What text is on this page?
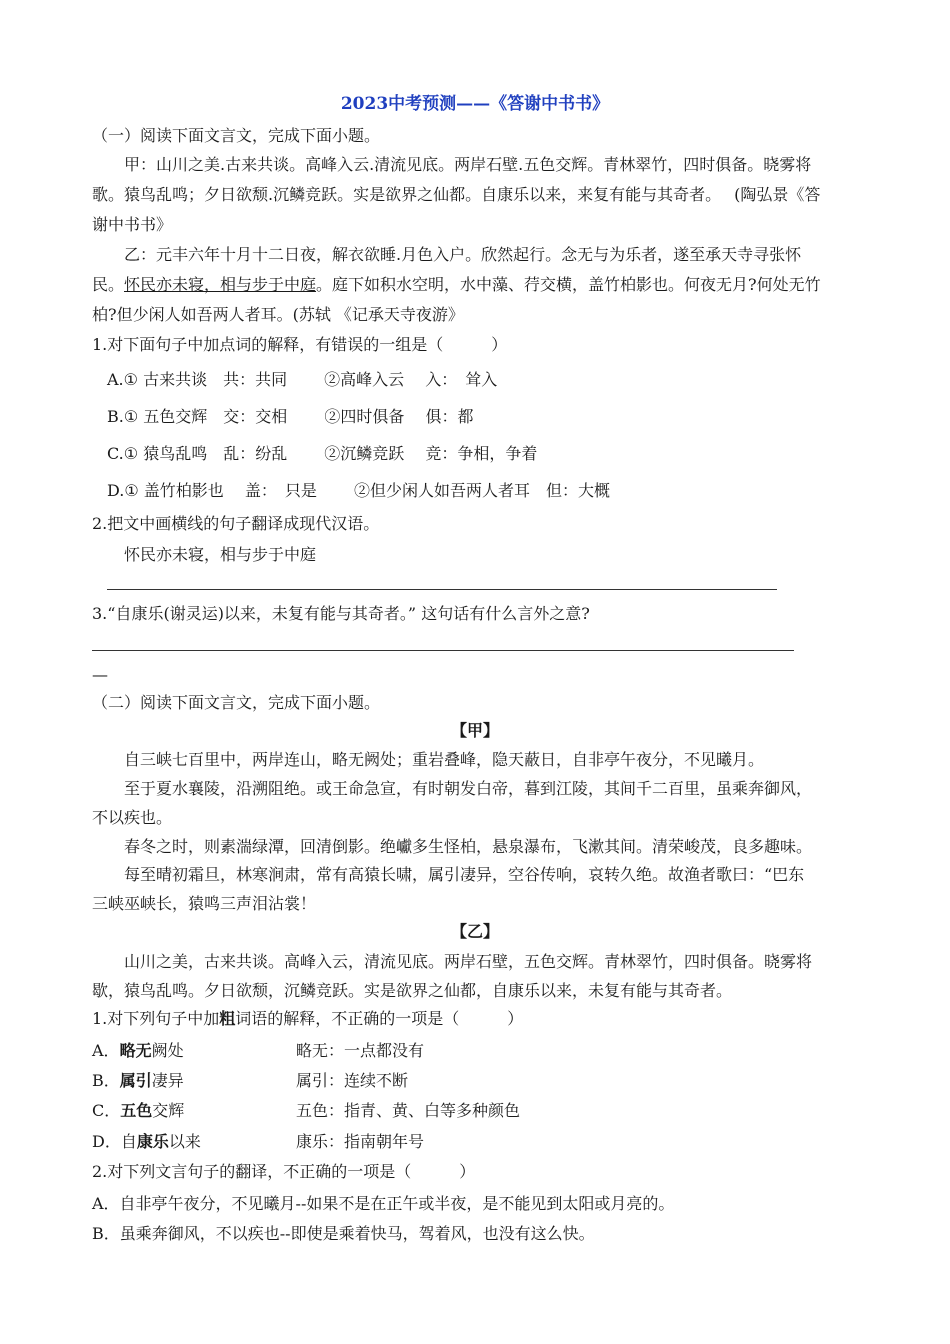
2023中考预测——《答谢中书书》
（一）阅读下面文言文，完成下面小题。
甲：山川之美.古来共谈。高峰入云.清流见底。两岸石壁.五色交辉。青林翠竹，四时俱备。晓雾将
歌。猿鸟乱鸣；夕日欲颓.沉鳞竞跃。实是欲界之仙都。自康乐以来，来复有能与其奇者。　 (陶弘景《答
谢中书书》
乙：元丰六年十月十二日夜，解衣欲睡.月色入户。欣然起行。念无与为乐者，遂至承天寺寻张怀
民。怀民亦未寝，相与步于中庭。庭下如积水空明，水中藻、荇交横，盖竹柏影也。何夜无月?何处无竹
柏?但少闲人如吾两人者耳。(苏轼 《记承天寺夜游》
1.对下面句子中加点词的解释，有错误的一组是（　　　）
A.① 古来共谈　共：共同　　 ②高峰入云　 入：　耸入
B.① 五色交辉　交：交相　　 ②四时俱备　 俱：都
C.① 猿鸟乱鸣　乱：纷乱　　 ②沉鳞竞跃　 竞：争相，争着
D.① 盖竹柏影也　 盖：　只是　　 ②但少闲人如吾两人者耳　但：大概
2.把文中画横线的句子翻译成现代汉语。
怀民亦未寝，相与步于中庭
3.“自康乐(谢灵运)以来，未复有能与其奇者。” 这句话有什么言外之意?
—
（二）阅读下面文言文，完成下面小题。
【甲】
自三峡七百里中，两岸连山，略无阙处；重岩叠峰，隐天蔽日，自非亭午夜分，不见曦月。
至于夏水襄陵，沿溯阻绝。或王命急宣，有时朝发白帝，暮到江陵，其间千二百里，虽乘奔御风，
不以疾也。
春冬之时，则素湍绿潭，回清倒影。绝巘多生怪柏，悬泉瀑布，飞漱其间。清荣峻茂，良多趣味。
每至晴初霜旦，林寒涧肃，常有高猿长啸，属引凄异，空谷传响，哀转久绝。故渔者歌曰：“巴东
三峡巫峡长，猿鸣三声泪沾裳！
【乙】
山川之美，古来共谈。高峰入云，清流见底。两岸石壁，五色交辉。青林翠竹，四时俱备。晓雾将
歇，猿鸟乱鸣。夕日欲颓，沉鳞竞跃。实是欲界之仙都，自康乐以来，未复有能与其奇者。
1.对下列句子中加粗词语的解释，不正确的一项是（　　　）
A．略无阙处	略无：一点都没有
B．属引凄异	属引：连续不断
C．五色交辉	五色：指青、黄、白等多种颜色
D．自康乐以来	康乐：指南朝年号
2.对下列文言句子的翻译，不正确的一项是（　　　）
A．自非亭午夜分，不见曦月--如果不是在正午或半夜，是不能见到太阳或月亮的。
B．虽乘奔御风，不以疾也--即使是乘着快马，驾着风，也没有这么快。
